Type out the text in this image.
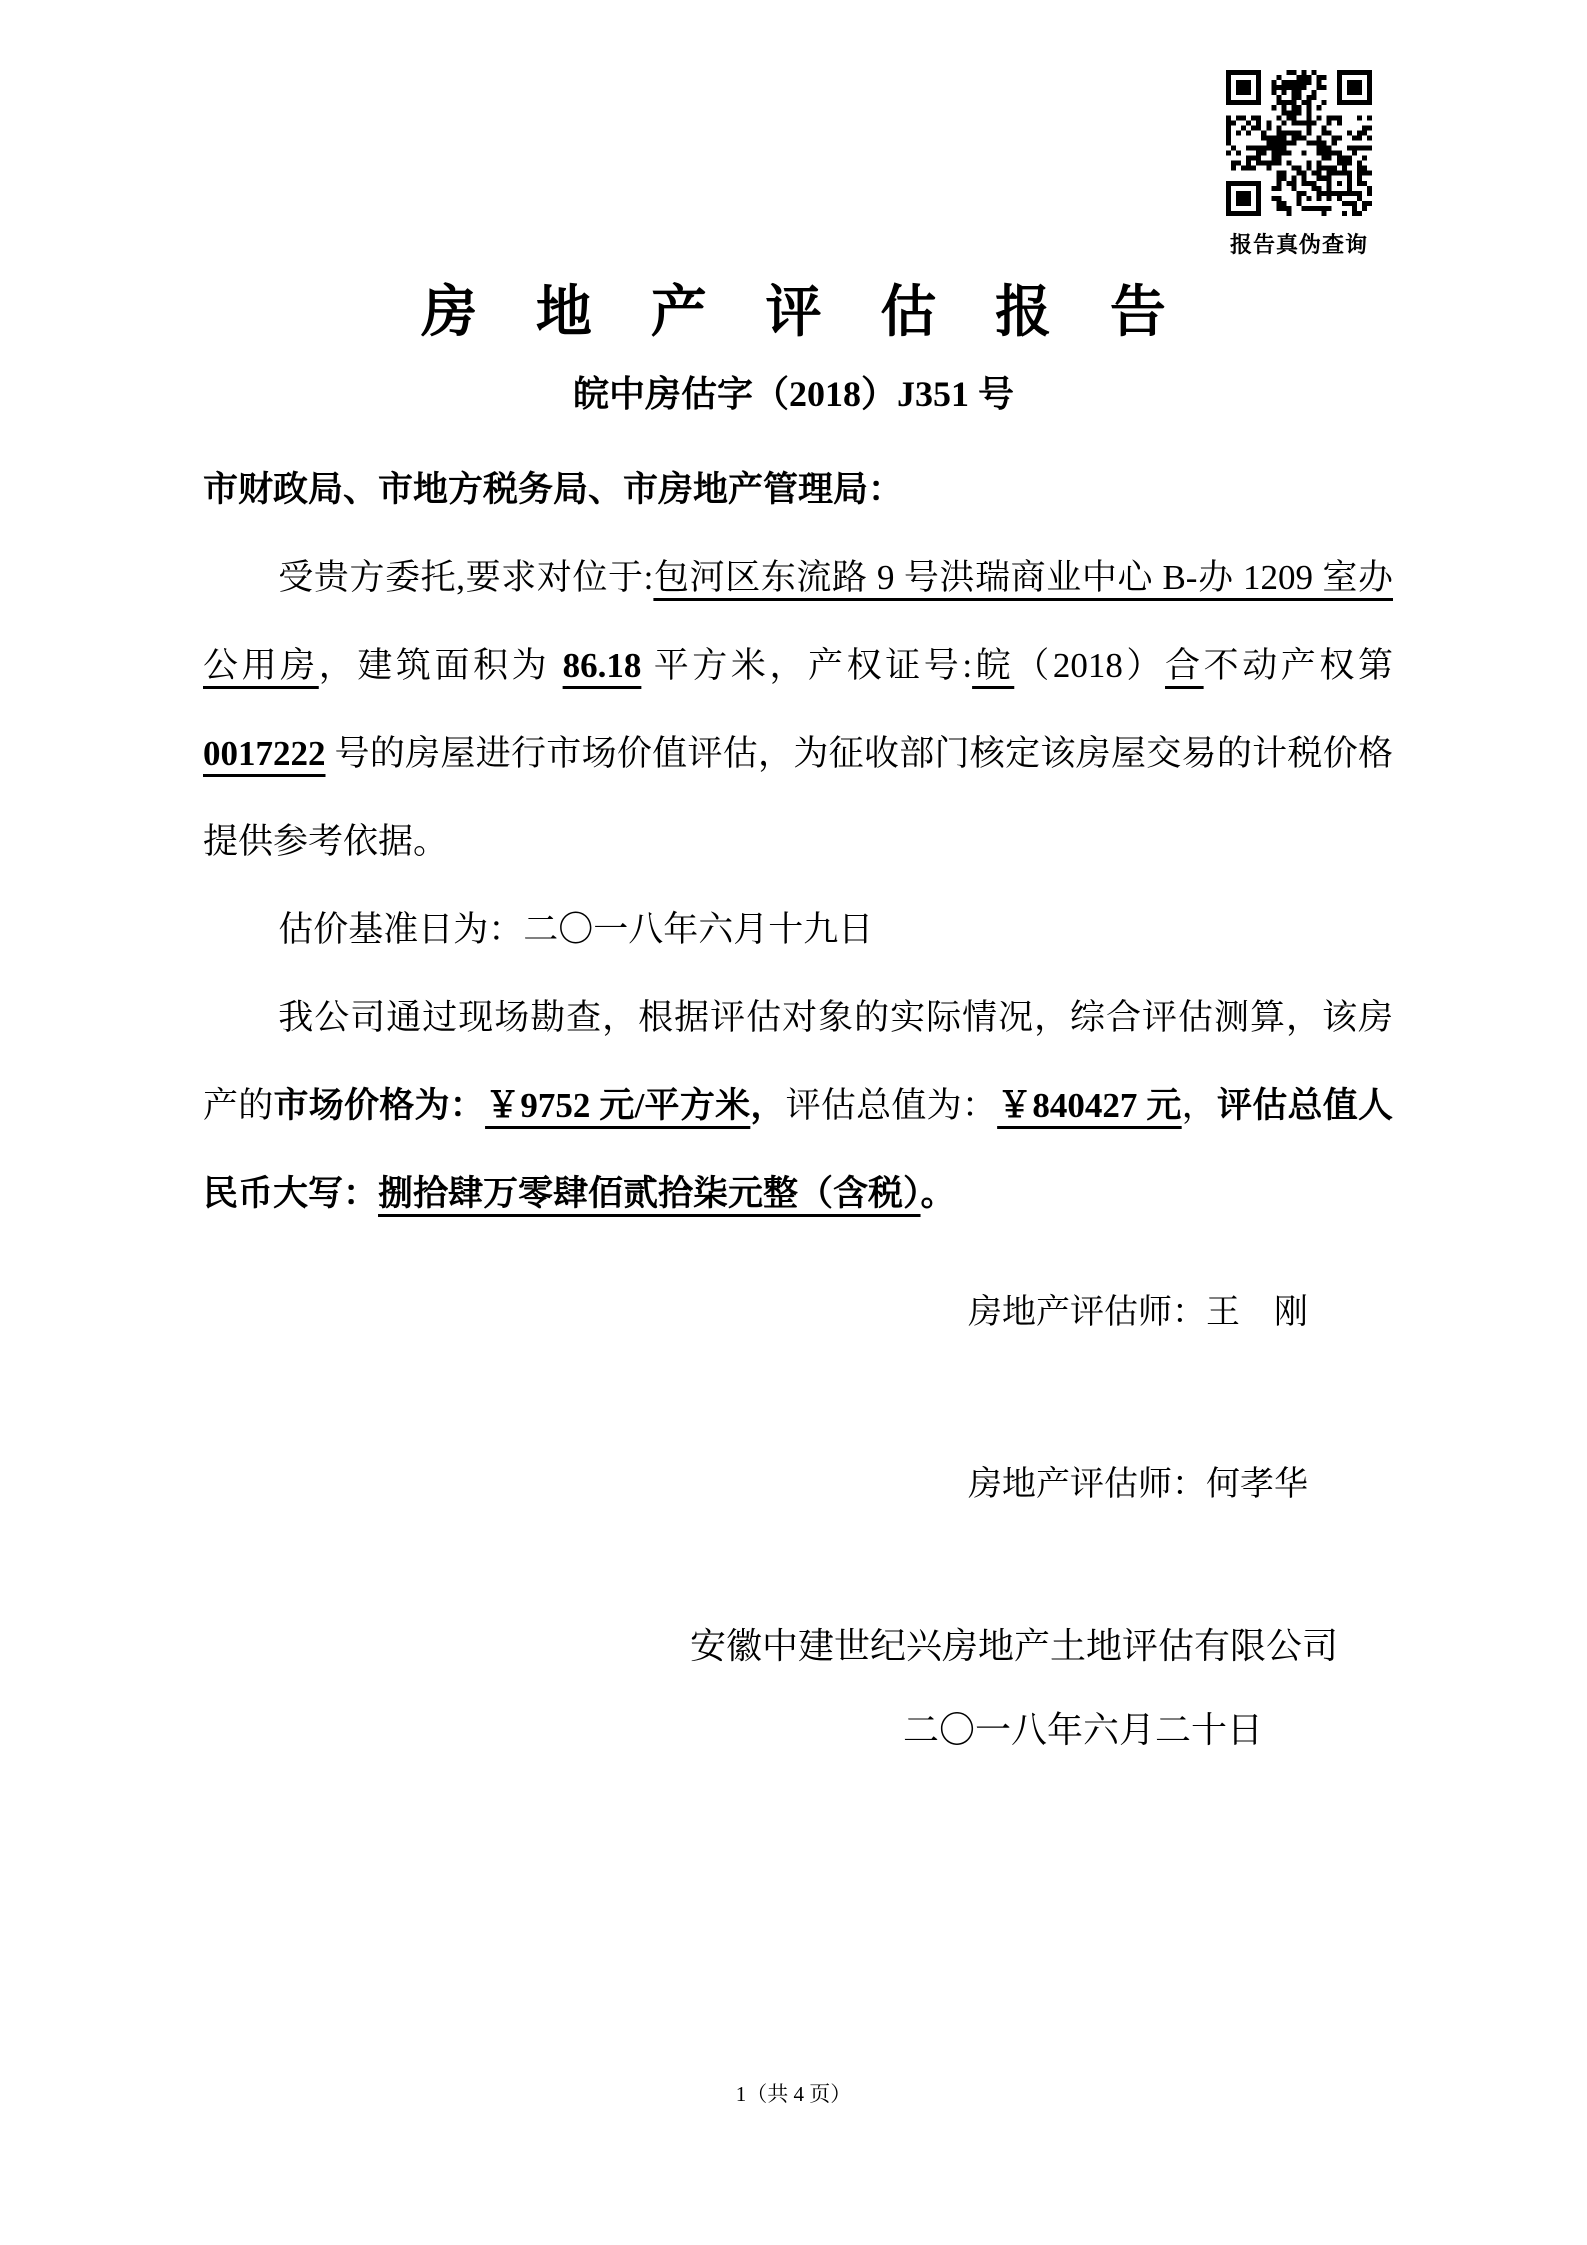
报告真伪查询
房地产评估报告
皖中房估字（2018）J351 号

市财政局、市地方税务局、市房地产管理局：

受贵方委托,要求对位于:包河区东流路 9 号洪瑞商业中心 B-办 1209 室办公用房，建筑面积为 86.18 平方米，产权证号:皖（2018）合不动产权第 0017222 号的房屋进行市场价值评估，为征收部门核定该房屋交易的计税价格提供参考依据。

估价基准日为：二〇一八年六月十九日

我公司通过现场勘查，根据评估对象的实际情况，综合评估测算，该房产的市场价格为：￥9752 元/平方米，评估总值为：￥840427 元，评估总值人民币大写：捌拾肆万零肆佰贰拾柒元整（含税）。

房地产评估师：王　刚
房地产评估师：何孝华
安徽中建世纪兴房地产土地评估有限公司
二〇一八年六月二十日
1（共 4 页）
